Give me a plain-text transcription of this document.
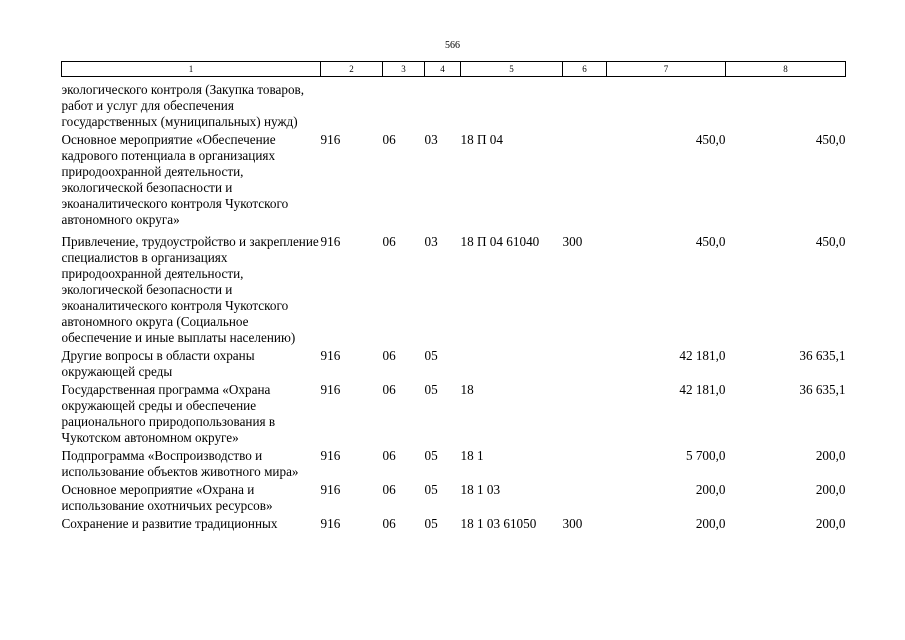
566
1	2	3	4	5	6	7	8
экологического контроля (Закупка товаров, работ и услуг для обеспечения государственных (муниципальных) нужд)							
Основное мероприятие «Обеспечение кадрового потенциала в организациях природоохранной деятельности, экологической безопасности и экоаналитического контроля Чукотского автономного округа»	916	06	03	18 П 04		450,0	450,0
Привлечение, трудоустройство и закрепление специалистов в организациях природоохранной деятельности, экологической безопасности и экоаналитического контроля Чукотского автономного округа (Социальное обеспечение и иные выплаты населению)	916	06	03	18 П 04 61040	300	450,0	450,0
Другие вопросы в области охраны окружающей среды	916	06	05			42 181,0	36 635,1
Государственная программа «Охрана окружающей среды и обеспечение рационального природопользования в Чукотском автономном округе»	916	06	05	18		42 181,0	36 635,1
Подпрограмма «Воспроизводство и использование объектов животного мира»	916	06	05	18 1		5 700,0	200,0
Основное мероприятие «Охрана и использование охотничьих ресурсов»	916	06	05	18 1 03		200,0	200,0
Сохранение и развитие традиционных	916	06	05	18 1 03 61050	300	200,0	200,0
